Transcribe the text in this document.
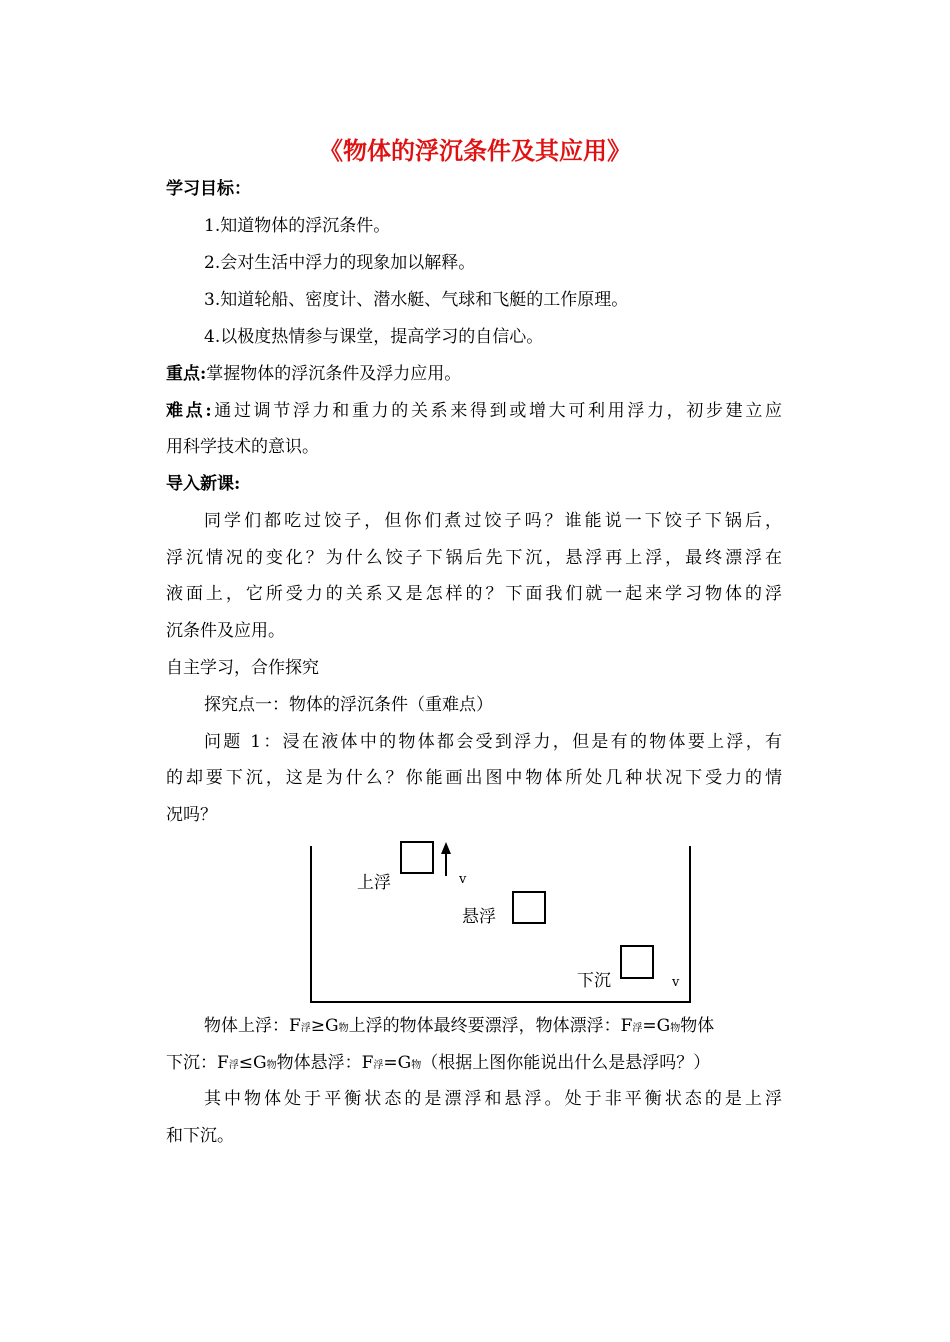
《物体的浮沉条件及其应用》
学习目标：
1.知道物体的浮沉条件。
2.会对生活中浮力的现象加以解释。
3.知道轮船、密度计、潜水艇、气球和飞艇的工作原理。
4.以极度热情参与课堂，提高学习的自信心。
重点:掌握物体的浮沉条件及浮力应用。
难点:通过调节浮力和重力的关系来得到或增大可利用浮力，初步建立应
用科学技术的意识。
导入新课:
同学们都吃过饺子，但你们煮过饺子吗？谁能说一下饺子下锅后，
浮沉情况的变化？为什么饺子下锅后先下沉，悬浮再上浮，最终漂浮在
液面上，它所受力的关系又是怎样的？下面我们就一起来学习物体的浮
沉条件及应用。
自主学习，合作探究
探究点一：物体的浮沉条件（重难点）
问题 1：浸在液体中的物体都会受到浮力，但是有的物体要上浮，有
的却要下沉，这是为什么？你能画出图中物体所处几种状况下受力的情
况吗？
上浮	v
悬浮
下沉	v
物体上浮：F浮≥G物上浮的物体最终要漂浮，物体漂浮：F浮=G物物体
下沉：F浮≤G物物体悬浮：F浮=G物（根据上图你能说出什么是悬浮吗？）
其中物体处于平衡状态的是漂浮和悬浮。处于非平衡状态的是上浮
和下沉。
